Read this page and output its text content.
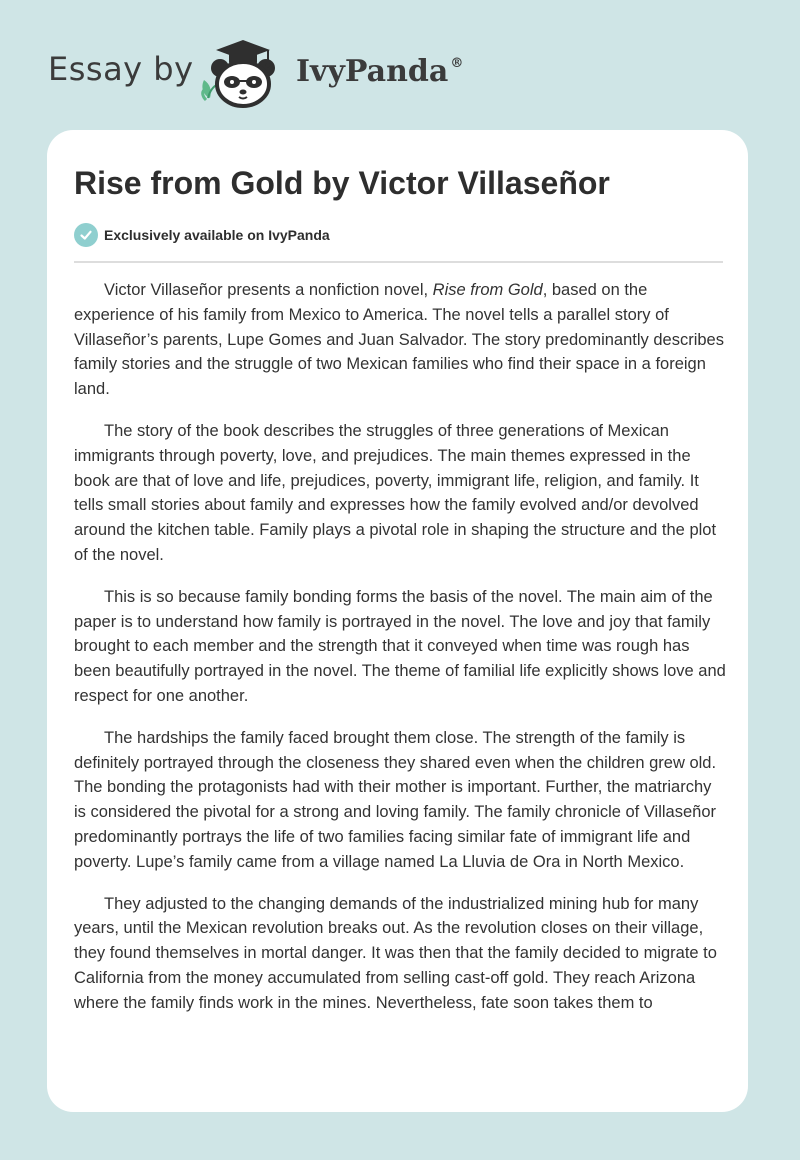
Essay by	IvyPanda ®
Rise from Gold by Victor Villaseñor
Exclusively available on IvyPanda

Victor Villaseñor presents a nonfiction novel, Rise from Gold, based on the experience of his family from Mexico to America. The novel tells a parallel story of Villaseñor’s parents, Lupe Gomes and Juan Salvador. The story predominantly describes family stories and the struggle of two Mexican families who find their space in a foreign land.

The story of the book describes the struggles of three generations of Mexican immigrants through poverty, love, and prejudices. The main themes expressed in the book are that of love and life, prejudices, poverty, immigrant life, religion, and family. It tells small stories about family and expresses how the family evolved and/or devolved around the kitchen table. Family plays a pivotal role in shaping the structure and the plot of the novel.

This is so because family bonding forms the basis of the novel. The main aim of the paper is to understand how family is portrayed in the novel. The love and joy that family brought to each member and the strength that it conveyed when time was rough has been beautifully portrayed in the novel. The theme of familial life explicitly shows love and respect for one another.

The hardships the family faced brought them close. The strength of the family is definitely portrayed through the closeness they shared even when the children grew old. The bonding the protagonists had with their mother is important. Further, the matriarchy is considered the pivotal for a strong and loving family. The family chronicle of Villaseñor predominantly portrays the life of two families facing similar fate of immigrant life and poverty. Lupe’s family came from a village named La Lluvia de Ora in North Mexico.

They adjusted to the changing demands of the industrialized mining hub for many years, until the Mexican revolution breaks out. As the revolution closes on their village, they found themselves in mortal danger. It was then that the family decided to migrate to California from the money accumulated from selling cast-off gold. They reach Arizona where the family finds work in the mines. Nevertheless, fate soon takes them to
